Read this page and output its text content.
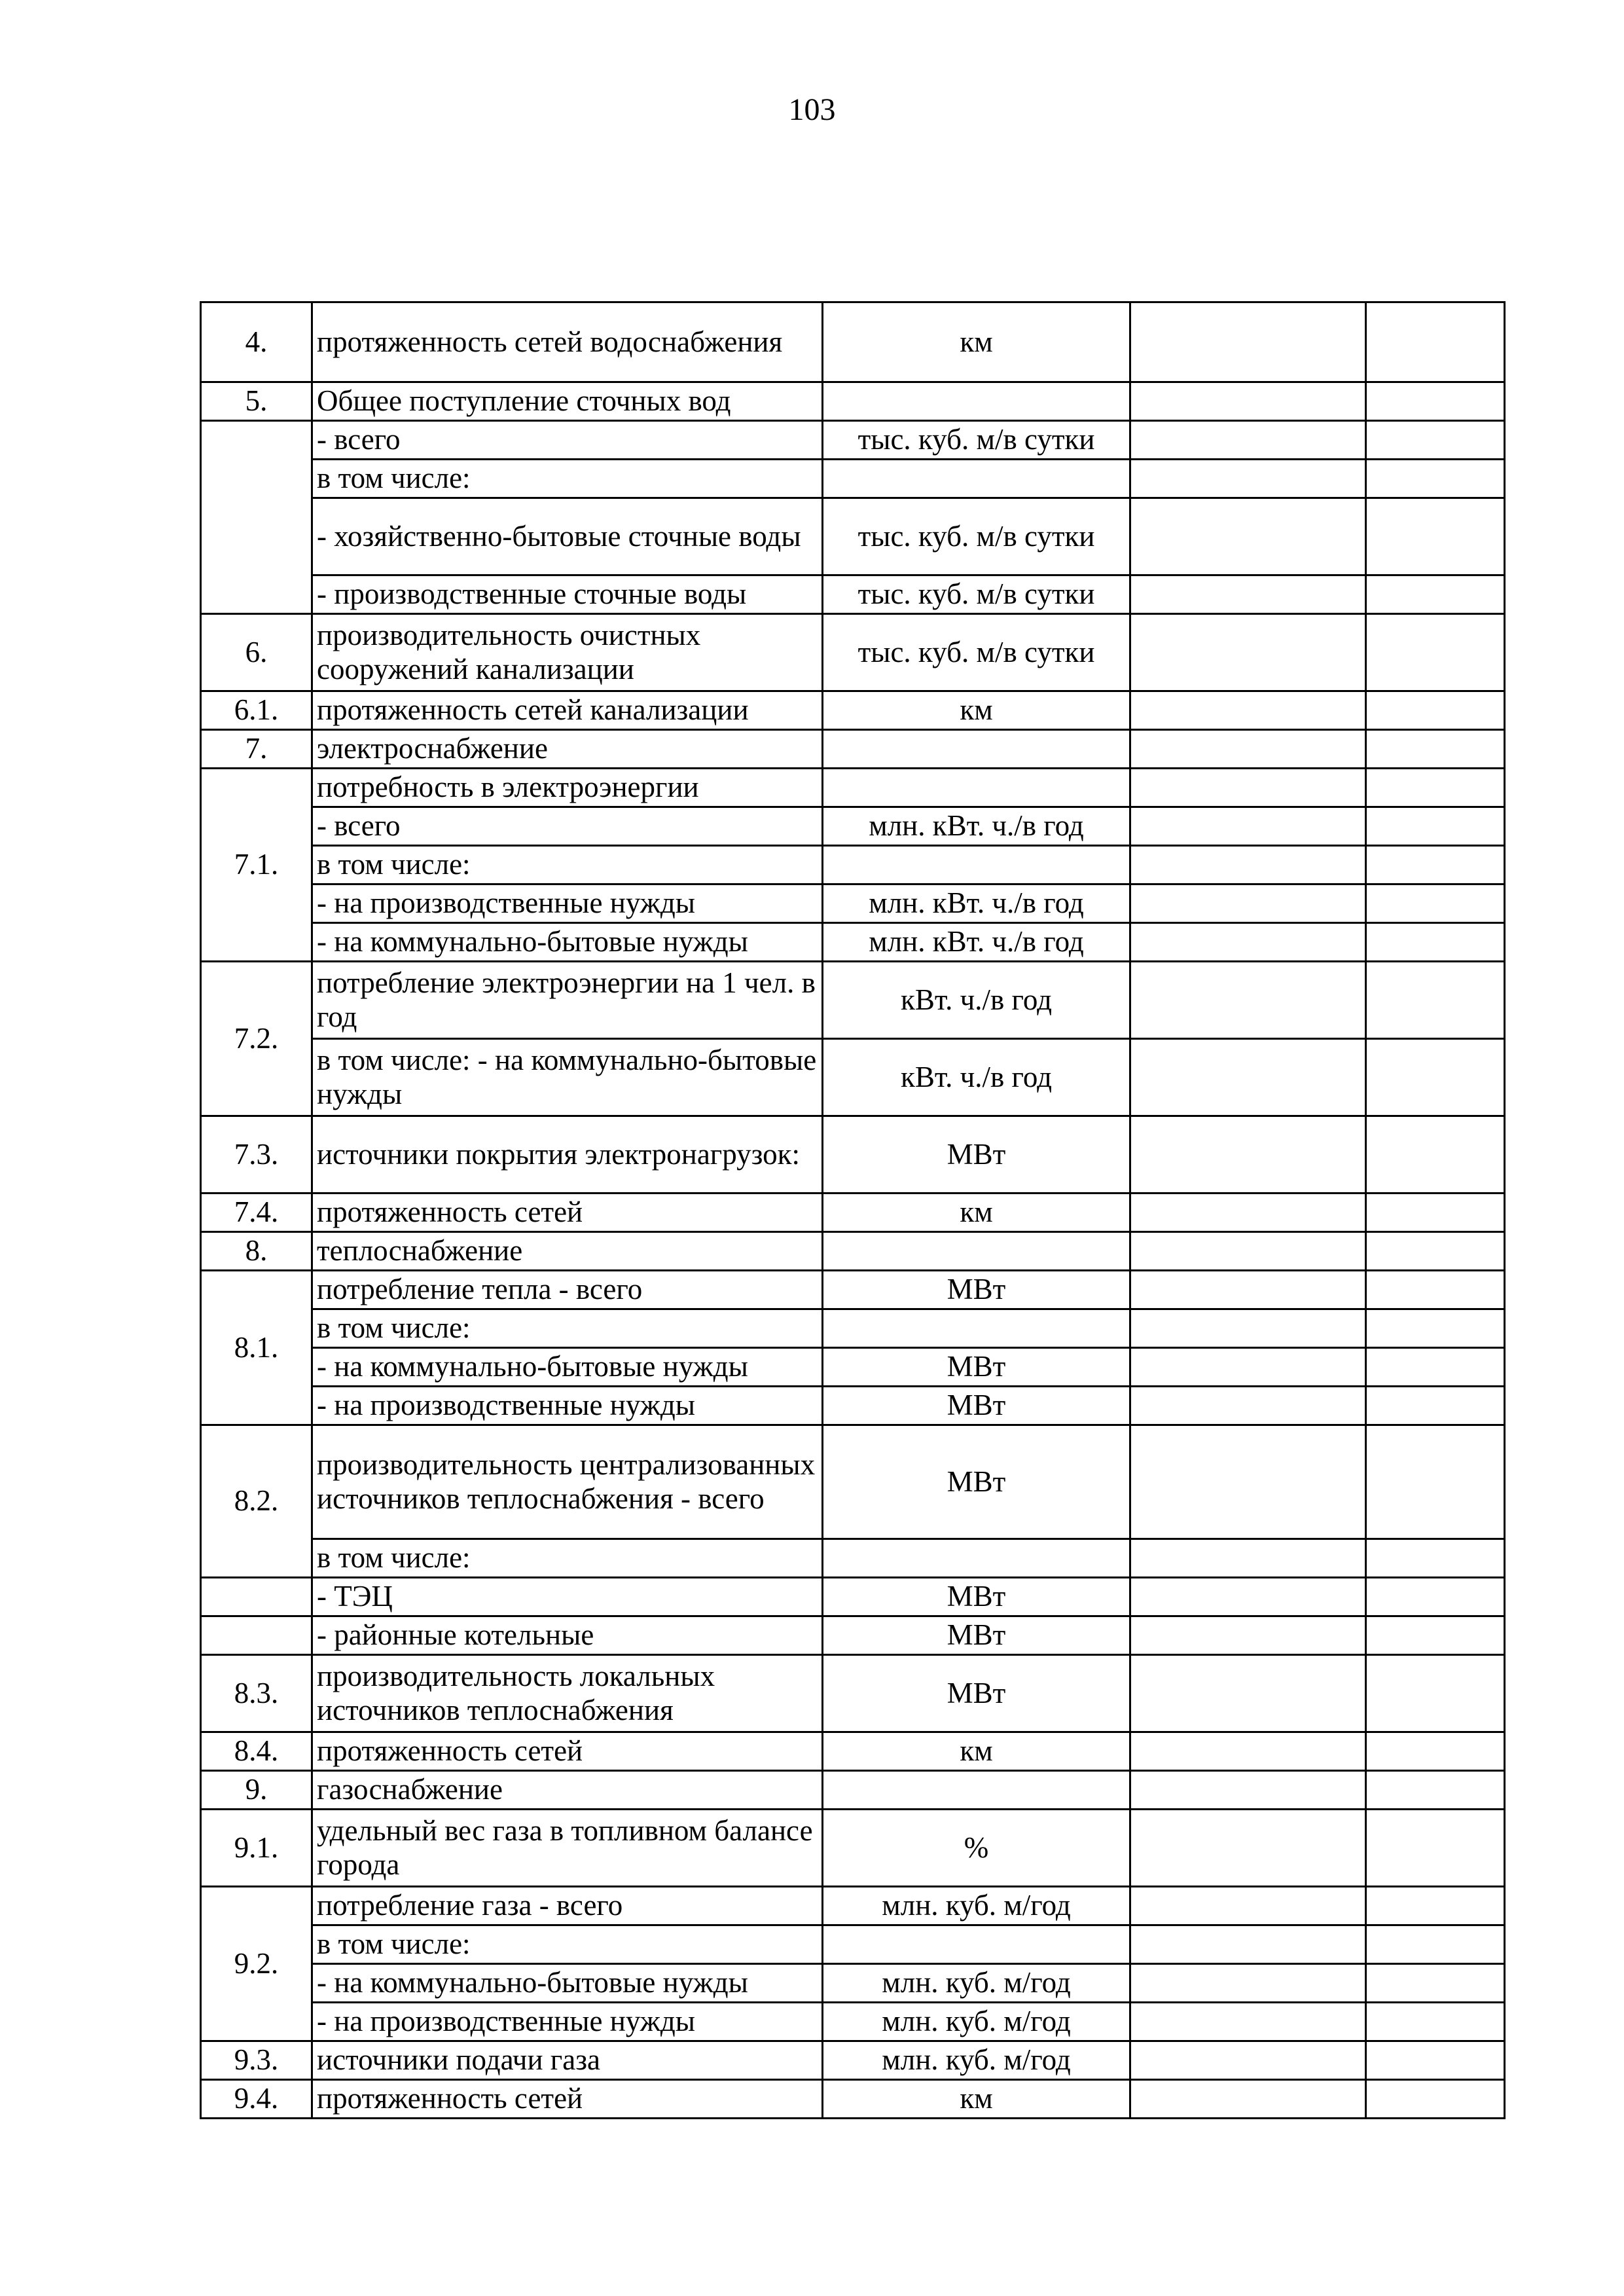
103
4.	протяженность сетей водоснабжения	км		
5.	Общее поступление сточных вод			
	- всего	тыс. куб. м/в сутки		
	в том числе:			
	- хозяйственно-бытовые сточные воды	тыс. куб. м/в сутки		
	- производственные сточные воды	тыс. куб. м/в сутки		
6.	производительность очистных сооружений канализации	тыс. куб. м/в сутки		
6.1.	протяженность сетей канализации	км		
7.	электроснабжение			
7.1.	потребность в электроэнергии			
	- всего	млн. кВт. ч./в год		
	в том числе:			
	- на производственные нужды	млн. кВт. ч./в год		
	- на коммунально-бытовые нужды	млн. кВт. ч./в год		
7.2.	потребление электроэнергии на 1 чел. в год	кВт. ч./в год		
	в том числе: - на коммунально-бытовые нужды	кВт. ч./в год		
7.3.	источники покрытия электронагрузок:	МВт		
7.4.	протяженность сетей	км		
8.	теплоснабжение			
8.1.	потребление тепла - всего	МВт		
	в том числе:			
	- на коммунально-бытовые нужды	МВт		
	- на производственные нужды	МВт		
8.2.	производительность централизованных источников теплоснабжения - всего	МВт		
	в том числе:			
	- ТЭЦ	МВт		
	- районные котельные	МВт		
8.3.	производительность локальных источников теплоснабжения	МВт		
8.4.	протяженность сетей	км		
9.	газоснабжение			
9.1.	удельный вес газа в топливном балансе города	%		
9.2.	потребление газа - всего	млн. куб. м/год		
	в том числе:			
	- на коммунально-бытовые нужды	млн. куб. м/год		
	- на производственные нужды	млн. куб. м/год		
9.3.	источники подачи газа	млн. куб. м/год		
9.4.	протяженность сетей	км		
